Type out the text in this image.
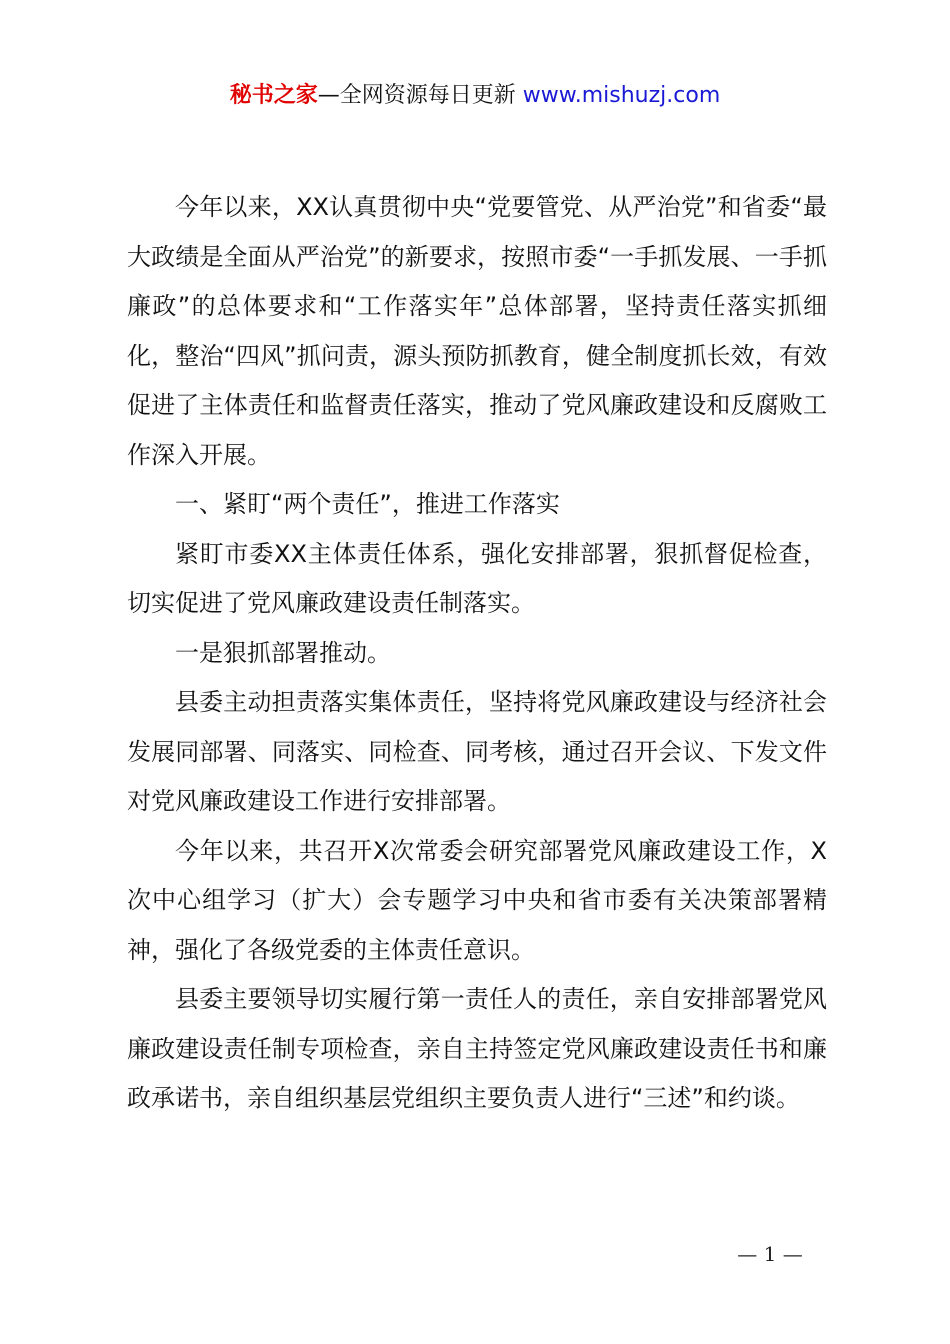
秘书之家—全网资源每日更新 www.mishuzj.com

今年以来，XX认真贯彻中央“党要管党、从严治党”和省委“最大政绩是全面从严治党”的新要求，按照市委“一手抓发展、一手抓廉政”的总体要求和“工作落实年”总体部署，坚持责任落实抓细化，整治“四风”抓问责，源头预防抓教育，健全制度抓长效，有效促进了主体责任和监督责任落实，推动了党风廉政建设和反腐败工作深入开展。

一、紧盯“两个责任”，推进工作落实

紧盯市委XX主体责任体系，强化安排部署，狠抓督促检查，切实促进了党风廉政建设责任制落实。

一是狠抓部署推动。

县委主动担责落实集体责任，坚持将党风廉政建设与经济社会发展同部署、同落实、同检查、同考核，通过召开会议、下发文件对党风廉政建设工作进行安排部署。

今年以来，共召开X次常委会研究部署党风廉政建设工作，X次中心组学习（扩大）会专题学习中央和省市委有关决策部署精神，强化了各级党委的主体责任意识。

县委主要领导切实履行第一责任人的责任，亲自安排部署党风廉政建设责任制专项检查，亲自主持签定党风廉政建设责任书和廉政承诺书，亲自组织基层党组织主要负责人进行“三述”和约谈。

— 1 —
